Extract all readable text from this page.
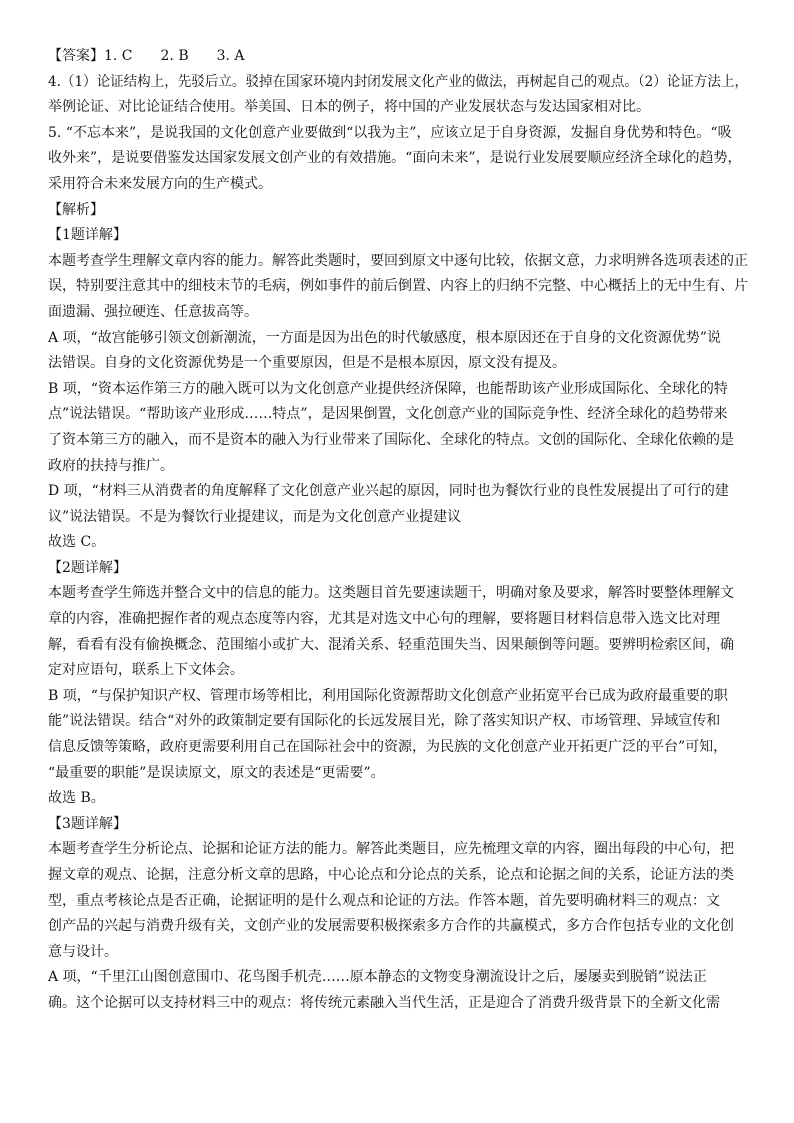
【答案】1. C　　2. B　　3. A
4.（1）论证结构上，先驳后立。驳掉在国家环境内封闭发展文化产业的做法，再树起自己的观点。（2）论证方法上，
举例论证、对比论证结合使用。举美国、日本的例子，将中国的产业发展状态与发达国家相对比。
5. “不忘本来”，是说我国的文化创意产业要做到“以我为主”，应该立足于自身资源，发掘自身优势和特色。“吸
收外来”，是说要借鉴发达国家发展文创产业的有效措施。“面向未来”，是说行业发展要顺应经济全球化的趋势，
采用符合未来发展方向的生产模式。
【解析】
【1题详解】
本题考查学生理解文章内容的能力。解答此类题时，要回到原文中逐句比较，依据文意，力求明辨各选项表述的正
误，特别要注意其中的细枝末节的毛病，例如事件的前后倒置、内容上的归纳不完整、中心概括上的无中生有、片
面遗漏、强拉硬连、任意拔高等。
A 项，“故宫能够引领文创新潮流，一方面是因为出色的时代敏感度，根本原因还在于自身的文化资源优势”说
法错误。自身的文化资源优势是一个重要原因，但是不是根本原因，原文没有提及。
B 项，“资本运作第三方的融入既可以为文化创意产业提供经济保障，也能帮助该产业形成国际化、全球化的特
点”说法错误。“帮助该产业形成……特点”，是因果倒置，文化创意产业的国际竞争性、经济全球化的趋势带来
了资本第三方的融入，而不是资本的融入为行业带来了国际化、全球化的特点。文创的国际化、全球化依赖的是
政府的扶持与推广。
D 项，“材料三从消费者的角度解释了文化创意产业兴起的原因，同时也为餐饮行业的良性发展提出了可行的建
议”说法错误。不是为餐饮行业提建议，而是为文化创意产业提建议
故选 C。
【2题详解】
本题考查学生筛选并整合文中的信息的能力。这类题目首先要速读题干，明确对象及要求，解答时要整体理解文
章的内容，准确把握作者的观点态度等内容，尤其是对选文中心句的理解，要将题目材料信息带入选文比对理
解，看看有没有偷换概念、范围缩小或扩大、混淆关系、轻重范围失当、因果颠倒等问题。要辨明检索区间，确
定对应语句，联系上下文体会。
B 项，“与保护知识产权、管理市场等相比，利用国际化资源帮助文化创意产业拓宽平台已成为政府最重要的职
能”说法错误。结合“对外的政策制定要有国际化的长远发展目光，除了落实知识产权、市场管理、异域宣传和
信息反馈等策略，政府更需要利用自己在国际社会中的资源，为民族的文化创意产业开拓更广泛的平台”可知，
“最重要的职能”是误读原文，原文的表述是“更需要”。
故选 B。
【3题详解】
本题考查学生分析论点、论据和论证方法的能力。解答此类题目，应先梳理文章的内容，圈出每段的中心句，把
握文章的观点、论据，注意分析文章的思路，中心论点和分论点的关系，论点和论据之间的关系，论证方法的类
型，重点考核论点是否正确，论据证明的是什么观点和论证的方法。作答本题，首先要明确材料三的观点：文
创产品的兴起与消费升级有关，文创产业的发展需要积极探索多方合作的共赢模式，多方合作包括专业的文化创
意与设计。
A 项，“千里江山图创意围巾、花鸟图手机壳……原本静态的文物变身潮流设计之后，屡屡卖到脱销”说法正
确。这个论据可以支持材料三中的观点：将传统元素融入当代生活，正是迎合了消费升级背景下的全新文化需
